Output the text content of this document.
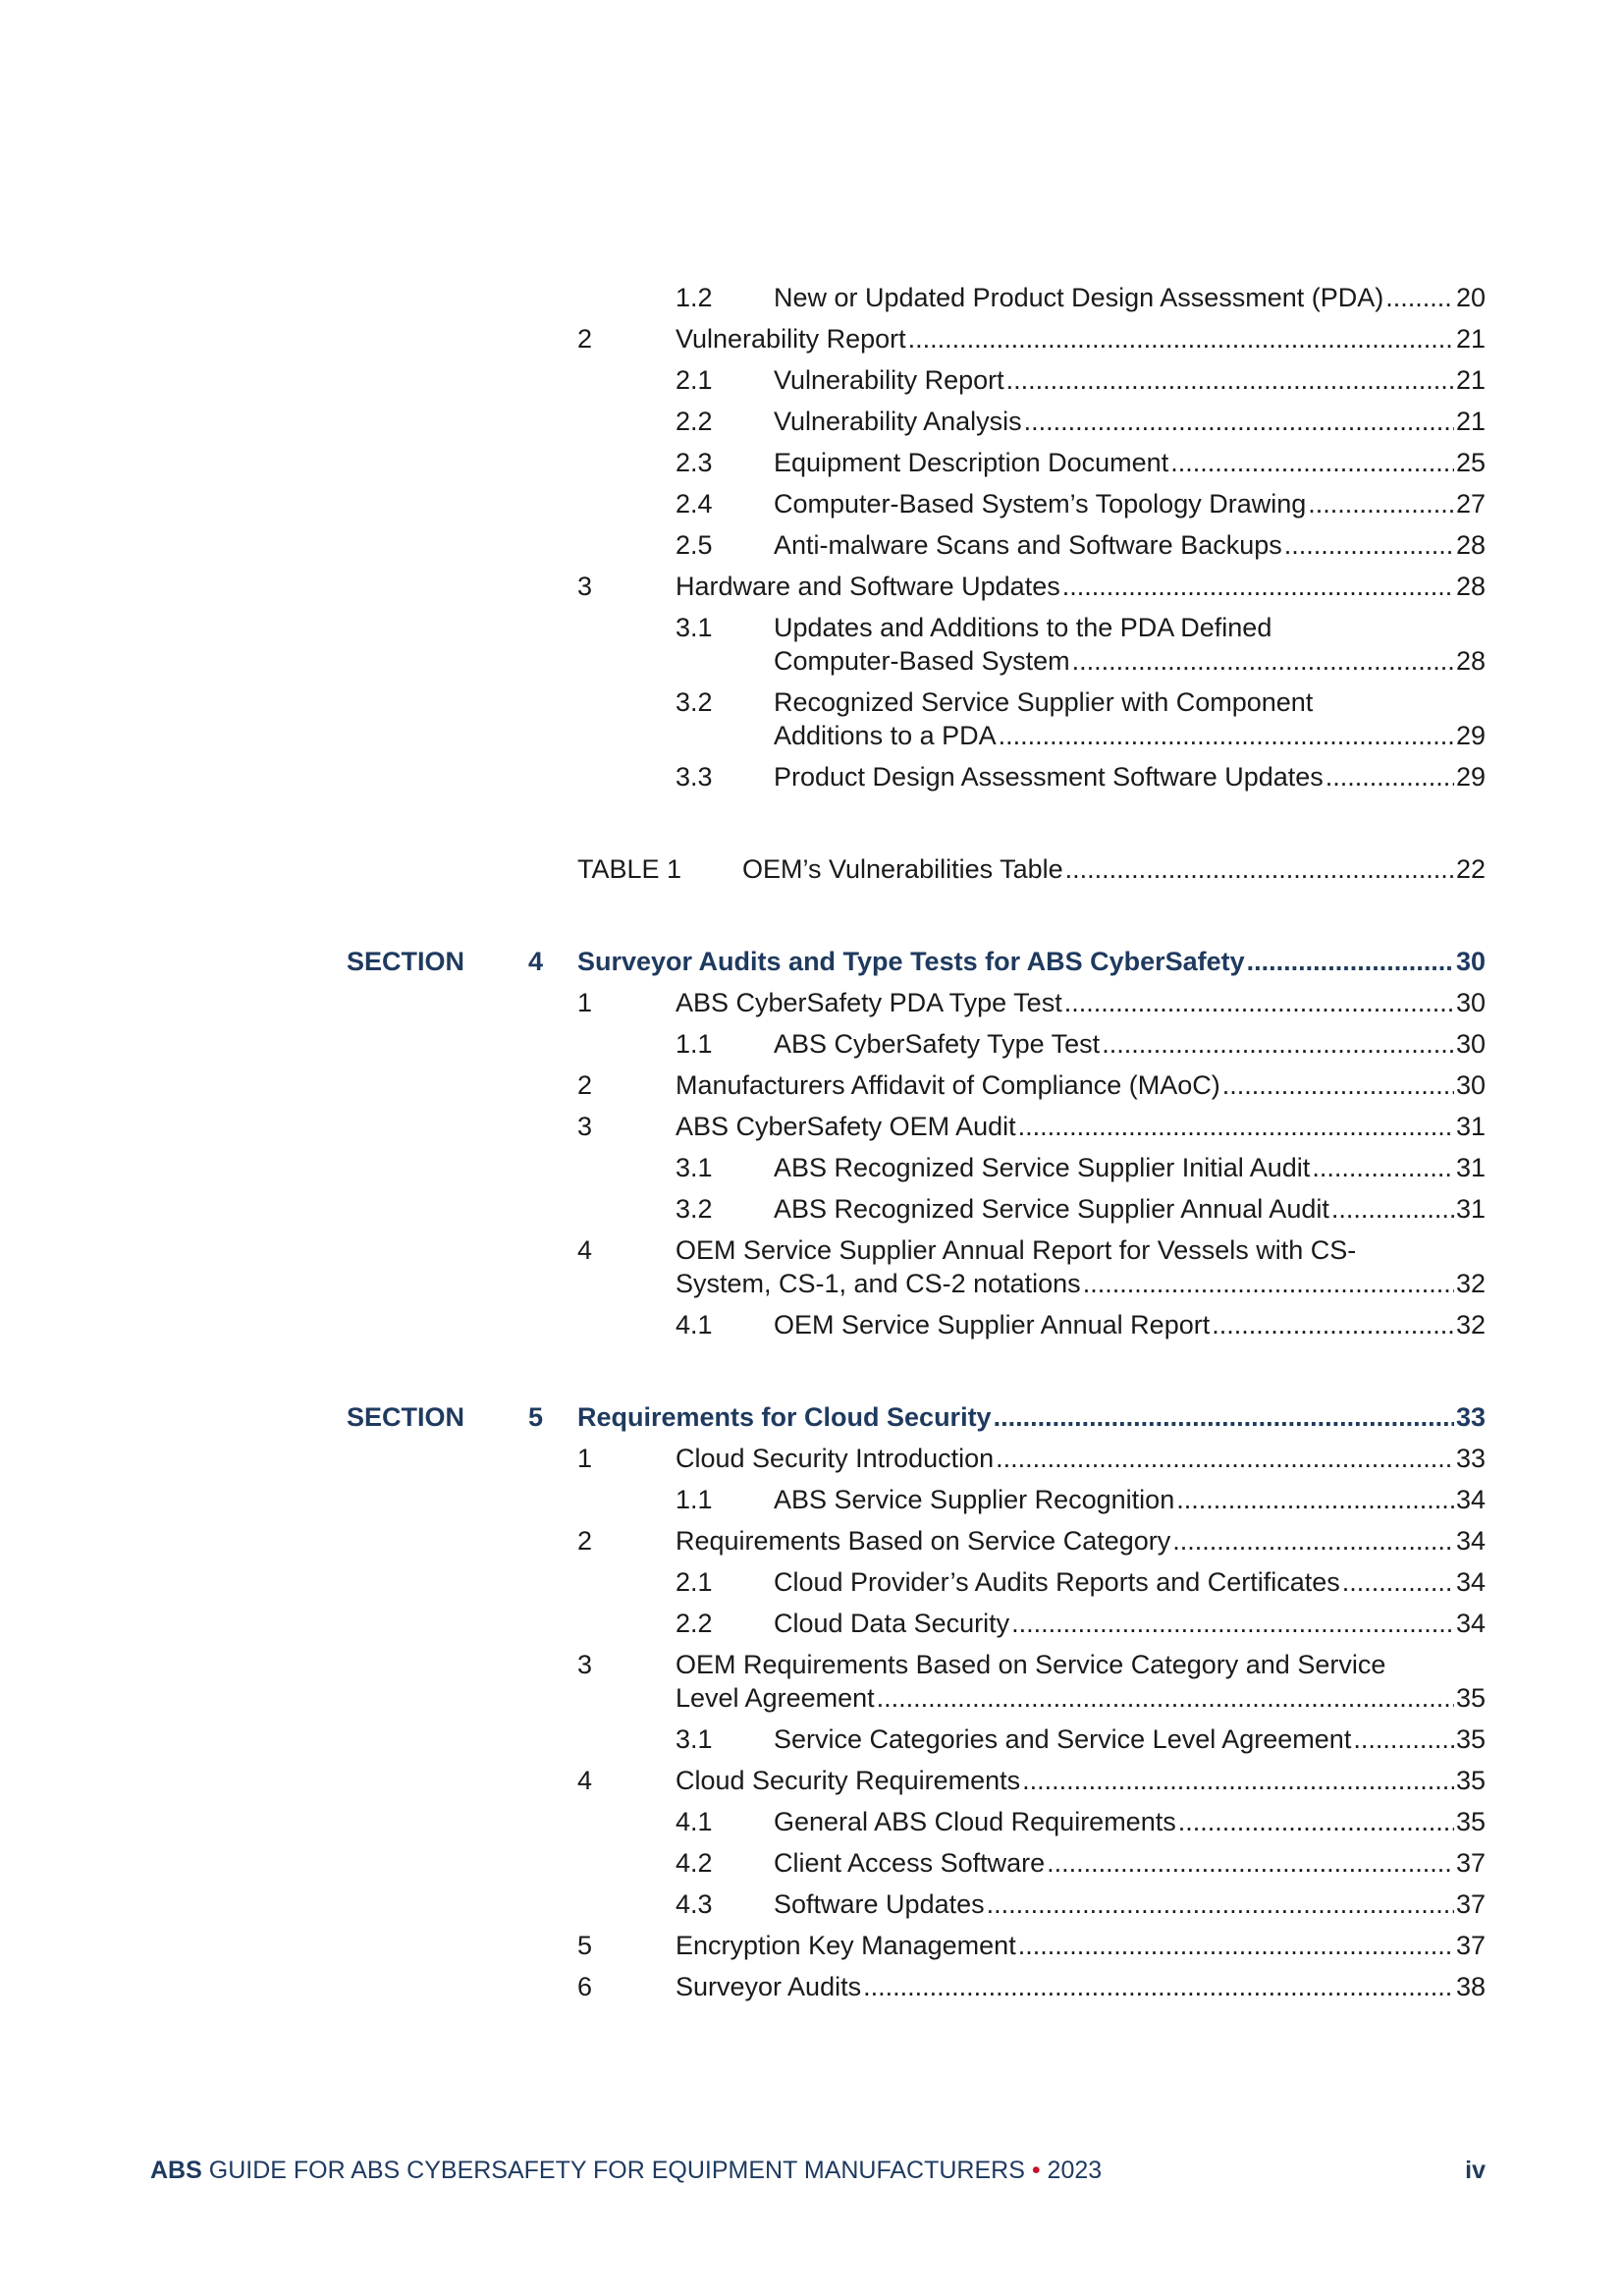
1.2 New or Updated Product Design Assessment (PDA) .....	20
2	Vulnerability Report .....	21
2.1 Vulnerability Report .....	21
2.2 Vulnerability Analysis .....	21
2.3 Equipment Description Document .....	25
2.4 Computer-Based System’s Topology Drawing .....	27
2.5 Anti-malware Scans and Software Backups .....	28
3	Hardware and Software Updates .....	28
3.1 Updates and Additions to the PDA Defined
Computer-Based System .....	28
3.2 Recognized Service Supplier with Component
Additions to a PDA .....	29
3.3 Product Design Assessment Software Updates .....	29
TABLE 1 OEM’s Vulnerabilities Table .....	22
SECTION 4 Surveyor Audits and Type Tests for ABS CyberSafety .....	30
1	ABS CyberSafety PDA Type Test .....	30
1.1 ABS CyberSafety Type Test .....	30
2	Manufacturers Affidavit of Compliance (MAoC) .....	30
3	ABS CyberSafety OEM Audit .....	31
3.1 ABS Recognized Service Supplier Initial Audit .....	31
3.2 ABS Recognized Service Supplier Annual Audit .....	31
4	OEM Service Supplier Annual Report for Vessels with CS-
System, CS-1, and CS-2 notations .....	32
4.1 OEM Service Supplier Annual Report .....	32
SECTION 5 Requirements for Cloud Security .....	33
1	Cloud Security Introduction .....	33
1.1 ABS Service Supplier Recognition .....	34
2	Requirements Based on Service Category .....	34
2.1 Cloud Provider’s Audits Reports and Certificates .....	34
2.2 Cloud Data Security .....	34
3	OEM Requirements Based on Service Category and Service
Level Agreement .....	35
3.1 Service Categories and Service Level Agreement .....	35
4	Cloud Security Requirements .....	35
4.1 General ABS Cloud Requirements .....	35
4.2 Client Access Software .....	37
4.3 Software Updates .....	37
5	Encryption Key Management .....	37
6	Surveyor Audits .....	38
ABS GUIDE FOR ABS CYBERSAFETY FOR EQUIPMENT MANUFACTURERS • 2023	iv
